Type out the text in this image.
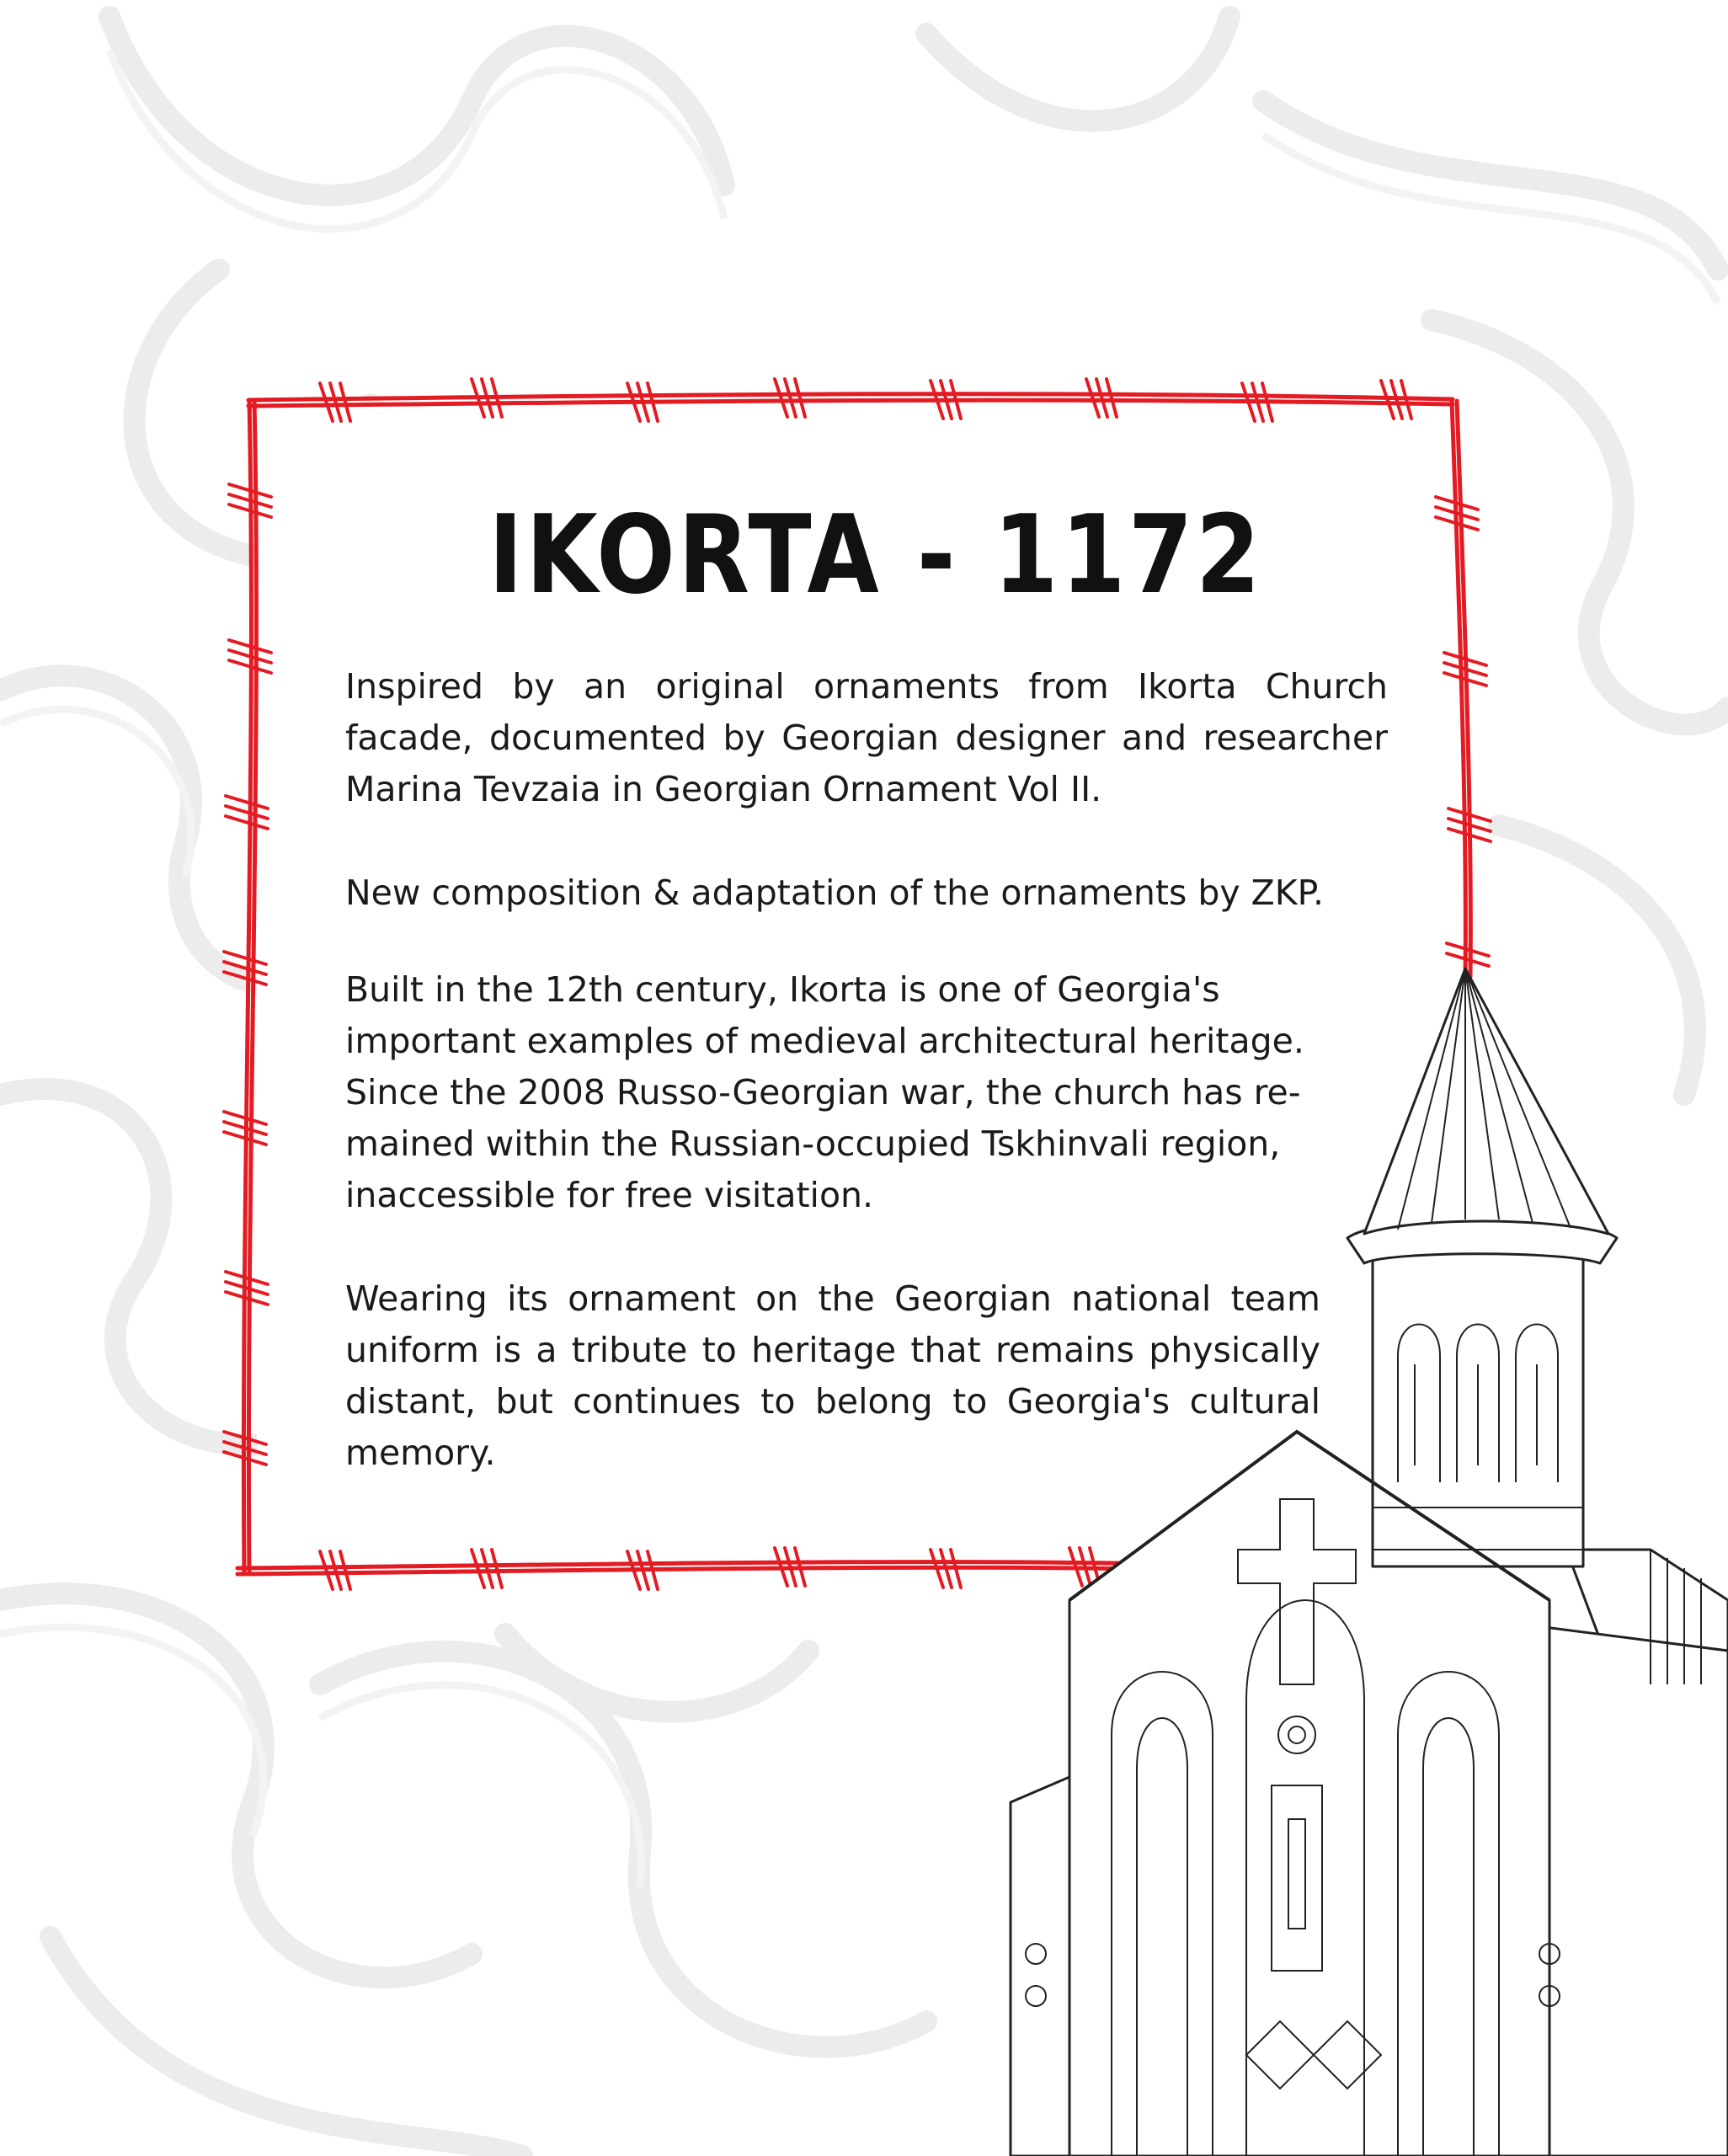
IKORTA - 1172
Inspired by an original ornaments from Ikorta Church
facade, documented by Georgian designer and researcher
Marina Tevzaia in Georgian Ornament Vol II.
New composition & adaptation of the ornaments by ZKP.
Built in the 12th century, Ikorta is one of Georgia's
important examples of medieval architectural heritage.
Since the 2008 Russo-Georgian war, the church has re-
mained within the Russian-occupied Tskhinvali region,
inaccessible for free visitation.
Wearing its ornament on the Georgian national team
uniform is a tribute to heritage that remains physically
distant, but continues to belong to Georgia's cultural
memory.
